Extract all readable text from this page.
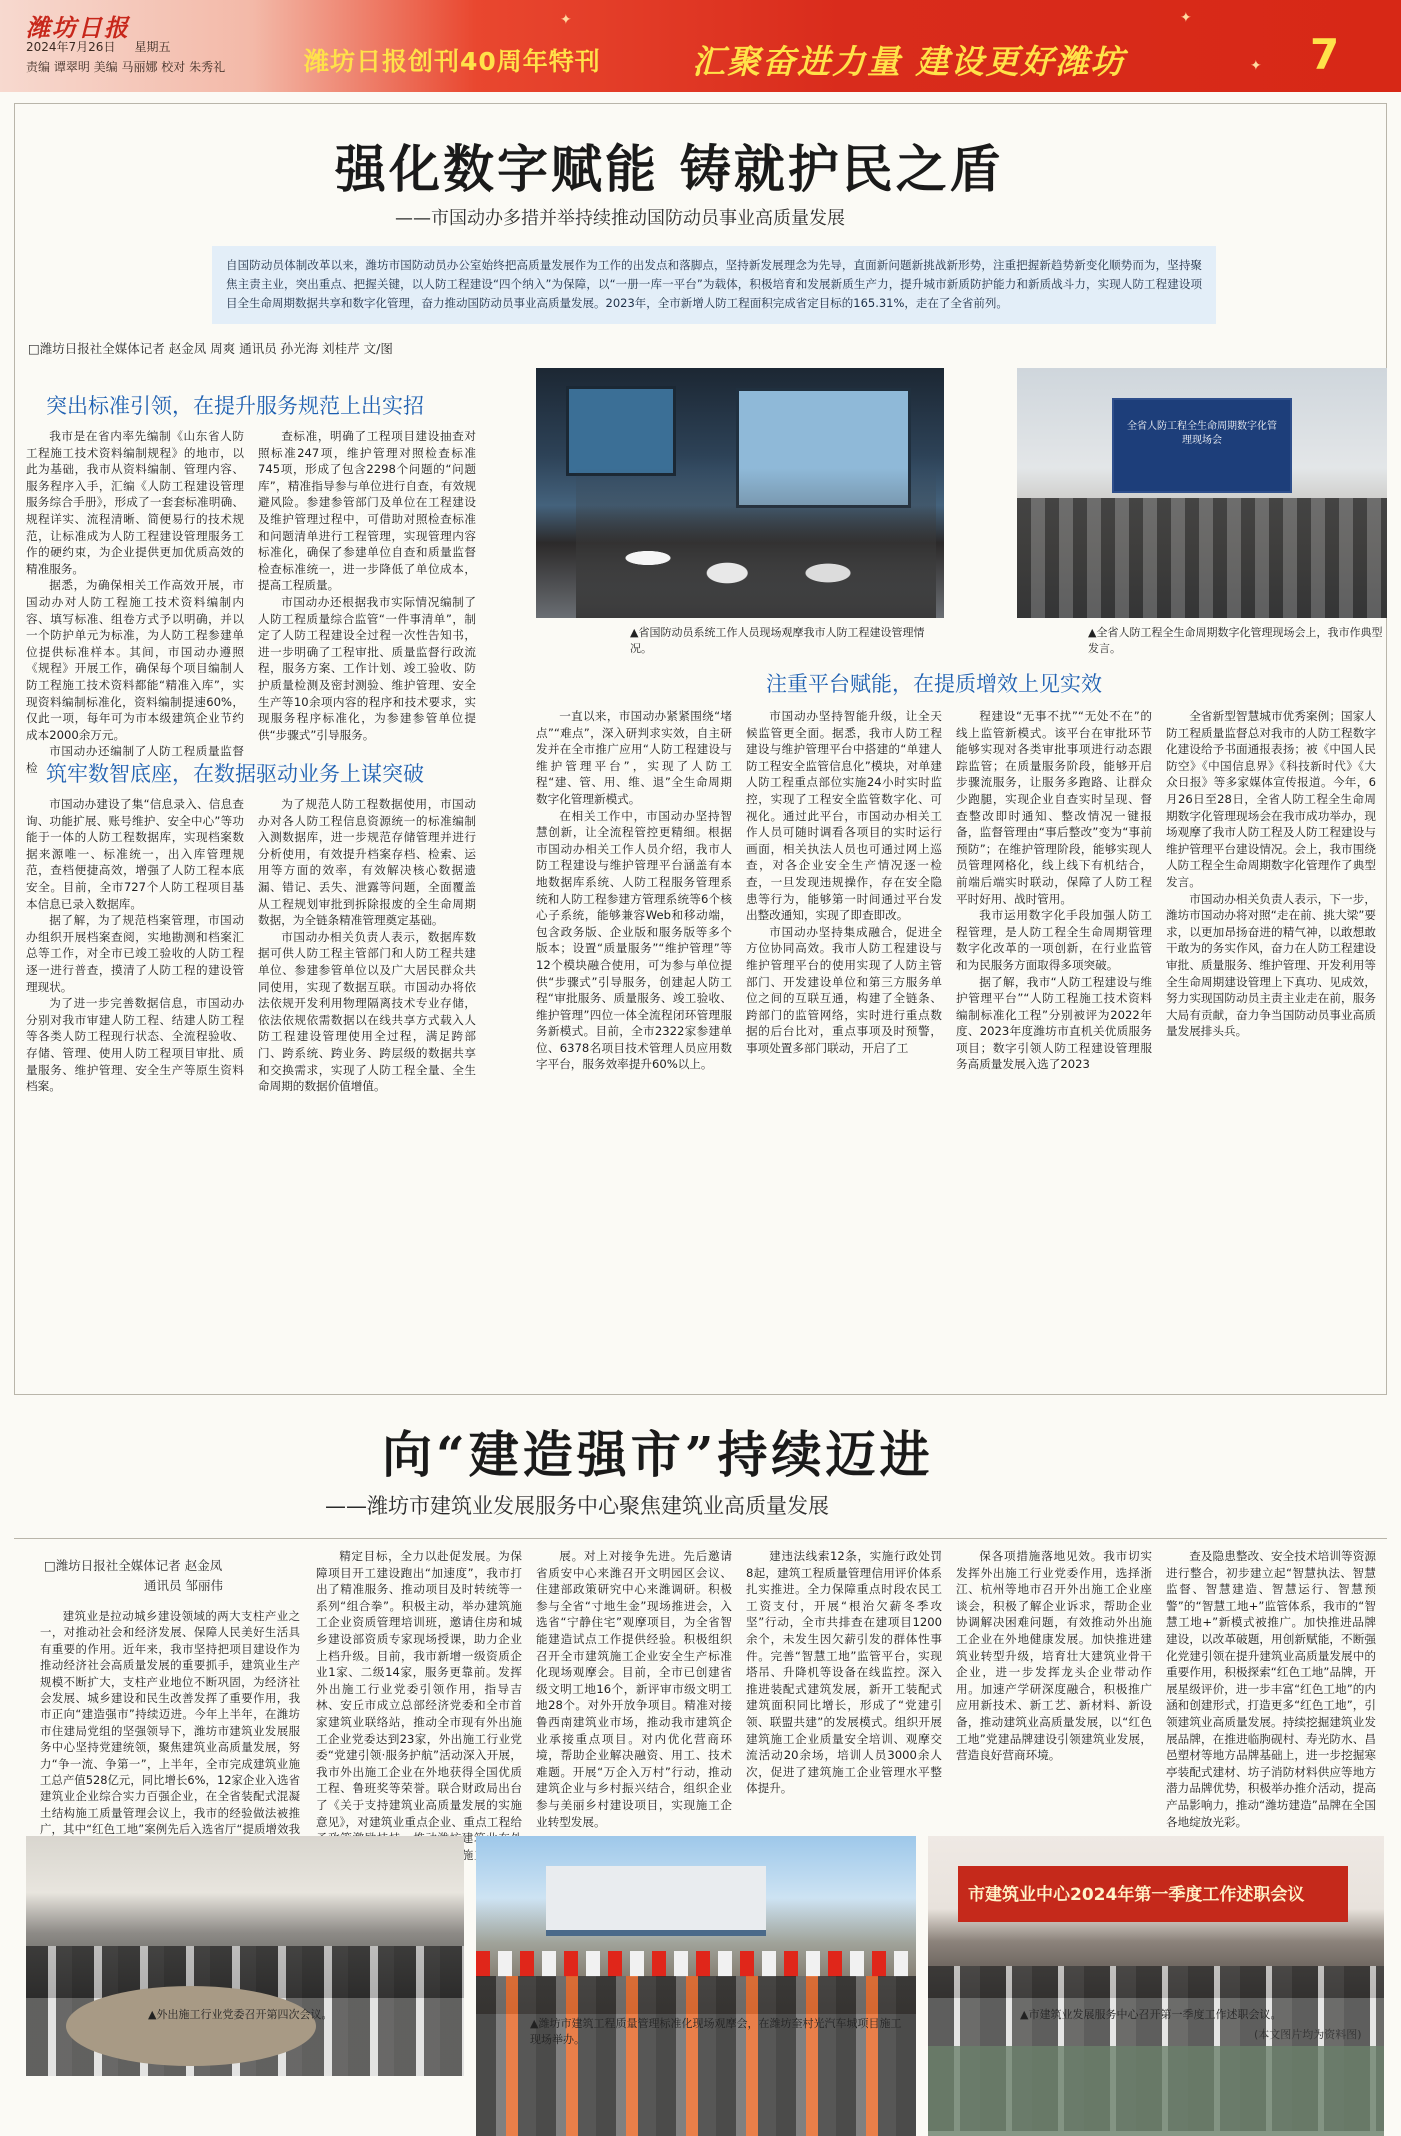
潍坊日报
2024年7月26日 星期五
责编 谭翠明 美编 马丽娜 校对 朱秀礼	潍坊日报创刊40周年特刊	汇聚奋进力量 建设更好潍坊	7
✦	✦
✦
强化数字赋能 铸就护民之盾
——市国动办多措并举持续推动国防动员事业高质量发展
自国防动员体制改革以来，潍坊市国防动员办公室始终把高质量发展作为工作的出发点和落脚点，坚持新发展理念为先导，直面新问题新挑战新形势，注重把握新趋势新变化顺势而为，坚持聚焦主责主业，突出重点、把握关键，以人防工程建设“四个纳入”为保障，以“一册一库一平台”为载体，积极培育和发展新质生产力，提升城市新质防护能力和新质战斗力，实现人防工程建设项目全生命周期数据共享和数字化管理，奋力推动国防动员事业高质量发展。2023年，全市新增人防工程面积完成省定目标的165.31%，走在了全省前列。
□潍坊日报社全媒体记者 赵金凤 周爽 通讯员 孙光海 刘桂芹 文/图
突出标准引领，在提升服务规范上出实招

我市是在省内率先编制《山东省人防工程施工技术资料编制规程》的地市，以此为基础，我市从资料编制、管理内容、服务程序入手，汇编《人防工程建设管理服务综合手册》，形成了一套套标准明确、规程详实、流程清晰、简便易行的技术规范，让标准成为人防工程建设管理服务工作的硬约束，为企业提供更加优质高效的精准服务。

据悉，为确保相关工作高效开展，市国动办对人防工程施工技术资料编制内容、填写标准、组卷方式予以明确，并以一个防护单元为标准，为人防工程参建单位提供标准样本。其间，市国动办遵照《规程》开展工作，确保每个项目编制人防工程施工技术资料都能“精准入库”，实现资料编制标准化，资料编制提速60%，仅此一项，每年可为市本级建筑企业节约成本2000余万元。

市国动办还编制了人防工程质量监督检

查标准，明确了工程项目建设抽查对照标准247项，维护管理对照检查标准745项，形成了包含2298个问题的“问题库”，精准指导参与单位进行自查，有效规避风险。参建参管部门及单位在工程建设及维护管理过程中，可借助对照检查标准和问题清单进行工程管理，实现管理内容标准化，确保了参建单位自查和质量监督检查标准统一，进一步降低了单位成本，提高工程质量。

市国动办还根据我市实际情况编制了人防工程质量综合监管“一件事清单”，制定了人防工程建设全过程一次性告知书，进一步明确了工程审批、质量监督行政流程，服务方案、工作计划、竣工验收、防护质量检测及密封测验、维护管理、安全生产等10余项内容的程序和技术要求，实现服务程序标准化，为参建参管单位提供“步骤式”引导服务。

筑牢数智底座，在数据驱动业务上谋突破

市国动办建设了集“信息录入、信息查询、功能扩展、账号维护、安全中心”等功能于一体的人防工程数据库，实现档案数据来源唯一、标准统一，出入库管理规范，查档便捷高效，增强了人防工程本底安全。目前，全市727个人防工程项目基本信息已录入数据库。

据了解，为了规范档案管理，市国动办组织开展档案查阅，实地勘测和档案汇总等工作，对全市已竣工验收的人防工程逐一进行普查，摸清了人防工程的建设管理现状。

为了进一步完善数据信息，市国动办分别对我市审建人防工程、结建人防工程等各类人防工程现行状态、全流程验收、存储、管理、使用人防工程项目审批、质量服务、维护管理、安全生产等原生资料档案。

为了规范人防工程数据使用，市国动办对各人防工程信息资源统一的标准编制入测数据库，进一步规范存储管理并进行分析使用，有效提升档案存档、检索、运用等方面的效率，有效解决核心数据遗漏、错记、丢失、泄露等问题，全面覆盖从工程规划审批到拆除报废的全生命周期数据，为全链条精准管理奠定基础。

市国动办相关负责人表示，数据库数据可供人防工程主管部门和人防工程共建单位、参建参管单位以及广大居民群众共同使用，实现了数据互联。市国动办将依法依规开发利用物理隔离技术专业存储，依法依规依需数据以在线共享方式载入人防工程建设管理使用全过程，满足跨部门、跨系统、跨业务、跨层级的数据共享和交换需求，实现了人防工程全量、全生命周期的数据价值增值。

▲省国防动员系统工作人员现场观摩我市人防工程建设管理情况。
全省人防工程全生命周期数字化管理现场会
▲全省人防工程全生命周期数字化管理现场会上，我市作典型发言。
注重平台赋能，在提质增效上见实效

一直以来，市国动办紧紧围绕“堵点”“难点”，深入研判求实效，自主研发并在全市推广应用“人防工程建设与维护管理平台”，实现了人防工程“建、管、用、维、退”全生命周期数字化管理新模式。

在相关工作中，市国动办坚持智慧创新，让全流程管控更精细。根据市国动办相关工作人员介绍，我市人防工程建设与维护管理平台涵盖有本地数据库系统、人防工程服务管理系统和人防工程参建方管理系统等6个核心子系统，能够兼容Web和移动端，包含政务版、企业版和服务版等多个版本；设置“质量服务”“维护管理”等12个模块融合使用，可为参与单位提供“步骤式”引导服务，创建起人防工程“审批服务、质量服务、竣工验收、维护管理”四位一体全流程闭环管理服务新模式。目前，全市2322家参建单位、6378名项目技术管理人员应用数字平台，服务效率提升60%以上。

市国动办坚持智能升级，让全天候监管更全面。据悉，我市人防工程建设与维护管理平台中搭建的“单建人防工程安全监管信息化”模块，对单建人防工程重点部位实施24小时实时监控，实现了工程安全监管数字化、可视化。通过此平台，市国动办相关工作人员可随时调看各项目的实时运行画面，相关执法人员也可通过网上巡查，对各企业安全生产情况逐一检查，一旦发现违规操作，存在安全隐患等行为，能够第一时间通过平台发出整改通知，实现了即查即改。

市国动办坚持集成融合，促进全方位协同高效。我市人防工程建设与维护管理平台的使用实现了人防主管部门、开发建设单位和第三方服务单位之间的互联互通，构建了全链条、跨部门的监管网络，实时进行重点数据的后台比对，重点事项及时预警，事项处置多部门联动，开启了工

程建设“无事不扰”“无处不在”的线上监管新模式。该平台在审批环节能够实现对各类审批事项进行动态跟踪监管；在质量服务阶段，能够开启步骤流服务，让服务多跑路、让群众少跑腿，实现企业自查实时呈现、督查整改即时通知、整改情况一键报备，监督管理由“事后整改”变为“事前预防”；在维护管理阶段，能够实现人员管理网格化，线上线下有机结合，前端后端实时联动，保障了人防工程平时好用、战时管用。

我市运用数字化手段加强人防工程管理，是人防工程全生命周期管理数字化改革的一项创新，在行业监管和为民服务方面取得多项突破。

据了解，我市“人防工程建设与维护管理平台”“人防工程施工技术资料编制标准化工程”分别被评为2022年度、2023年度潍坊市直机关优质服务项目；数字引领人防工程建设管理服务高质量发展入选了2023

全省新型智慧城市优秀案例；国家人防工程质量监督总对我市的人防工程数字化建设给予书面通报表扬；被《中国人民防空》《中国信息界》《科技新时代》《大众日报》等多家媒体宣传报道。今年，6月26日至28日，全省人防工程全生命周期数字化管理现场会在我市成功举办，现场观摩了我市人防工程及人防工程建设与维护管理平台建设情况。会上，我市围绕人防工程全生命周期数字化管理作了典型发言。

市国动办相关负责人表示，下一步，潍坊市国动办将对照“走在前、挑大梁”要求，以更加昂扬奋进的精气神，以敢想敢干敢为的务实作风，奋力在人防工程建设审批、质量服务、维护管理、开发利用等全生命周期建设管理上下真功、见成效，努力实现国防动员主责主业走在前，服务大局有贡献，奋力争当国防动员事业高质量发展排头兵。

向“建造强市”持续迈进
——潍坊市建筑业发展服务中心聚焦建筑业高质量发展
□潍坊日报社全媒体记者 赵金凤
通讯员 邹丽伟

建筑业是拉动城乡建设领域的两大支柱产业之一，对推动社会和经济发展、保障人民美好生活具有重要的作用。近年来，我市坚持把项目建设作为推动经济社会高质量发展的重要抓手，建筑业生产规模不断扩大，支柱产业地位不断巩固，为经济社会发展、城乡建设和民生改善发挥了重要作用，我市正向“建造强市”持续迈进。今年上半年，在潍坊市住建局党组的坚强领导下，潍坊市建筑业发展服务中心坚持党建统领，聚焦建筑业高质量发展，努力“争一流、争第一”，上半年，全市完成建筑业施工总产值528亿元，同比增长6%，12家企业入选省建筑业企业综合实力百强企业，在全省装配式混凝土结构施工质量管理会议上，我市的经验做法被推广，其中“红色工地”案例先后入选省厅“提质增效我

精定目标，全力以赴促发展。为保障项目开工建设跑出“加速度”，我市打出了精准服务、推动项目及时转统等一系列“组合拳”。积极主动，举办建筑施工企业资质管理培训班，邀请住房和城乡建设部资质专家现场授课，助力企业上档升级。目前，我市新增一级资质企业1家、二级14家，服务更靠前。发挥外出施工行业党委引领作用，指导吉林、安丘市成立总部经济党委和全市首家建筑业联络站，推动全市现有外出施工企业党委达到23家，外出施工行业党委“党建引领·服务护航”活动深入开展，我市外出施工企业在外地获得全国优质工程、鲁班奖等荣誉。联合财政局出台了《关于支持建筑业高质量发展的实施意见》，对建筑业重点企业、重点工程给 建 对接施工企

展。对上对接争先进。先后邀请省质安中心来潍召开文明园区会议、住建部政策研究中心来潍调研。积极参与全省“寸地生金”现场推进会，入选省“宁静住宅”观摩项目，为全省智能建造试点工作提供经验。积极组织召开全市建筑施工企业安全生产标准化现场观摩会。目前，全市已创建省级文明工地16个，新评审市级文明工地28个。对外开放争项目。精准对接鲁西南建筑业市场，推动我市建筑企业承接重点项目。对内优化营商环境，帮助企业解决融资、用工、技术难题。开展“万企入万村”行动，推动建筑企业与乡村振兴结合，组织企业参与美丽乡村建设项目，实现施工企业转型发展。

建违法线索12条，实施行政处罚8起，建筑工程质量管理信用评价体系扎实推进。全力保障重点时段农民工工资支付，开展“根治欠薪冬季攻坚”行动，全市共排查在建项目1200余个，未发生因欠薪引发的群体性事件。完善“智慧工地”监管平台，实现塔吊、升降机等设备在线监控。深入推进装配式建筑发展，新开工装配式建筑面积同比增长，形成了“党建引领、联盟共建”的发展模式。组织开展建筑施工企业质量安全培训、观摩交流活动20余场，培训人员3000余人次，促进了建筑施工企业管理水平整体提升。

保各项措施落地见效。我市切实发挥外出施工行业党委作用，选择浙江、杭州等地市召开外出施工企业座谈会，积极了解企业诉求，帮助企业协调解决困难问题，有效推动外出施工企业在外地健康发展。加快推进建筑业转型升级，培育壮大建筑业骨干企业，进一步发挥龙头企业带动作用。加速产学研深度融合，积极推广应用新技术、新工艺、新材料、新设备，推动建筑业高质量发展，以“红色工地”党建品牌建设引领建筑业发展，营造良好营商环境。

查及隐患整改、安全技术培训等资源进行整合，初步建立起“智慧执法、智慧监督、智慧建造、智慧运行、智慧预警”的“智慧工地+”监管体系，我市的“智慧工地+”新模式被推广。加快推进品牌建设，以改革破题，用创新赋能，不断强化党建引领在提升建筑业高质量发展中的重要作用，积极探索“红色工地”品牌，开展星级评价，进一步丰富“红色工地”的内涵和创建形式，打造更多“红色工地”，引领建筑业高质量发展。持续挖掘建筑业发展品牌，在推进临朐砚村、寿光防水、昌邑塑材等地方品牌基础上，进一步挖掘寒亭装配式建材、坊子消防材料供应等地方潜力品牌优势，积极举办推介活动，提高产品影响力，推动“潍坊建造”品牌在全国各地绽放光彩。

▲外出施工行业党委召开第四次会议。
▲潍坊市建筑工程质量管理标准化现场观摩会，在潍坊奎村光汽车城项目施工现场举办。
市建筑业中心2024年第一季度工作述职会议
▲市建筑业发展服务中心召开第一季度工作述职会议。
(本文图片均为资料图)
